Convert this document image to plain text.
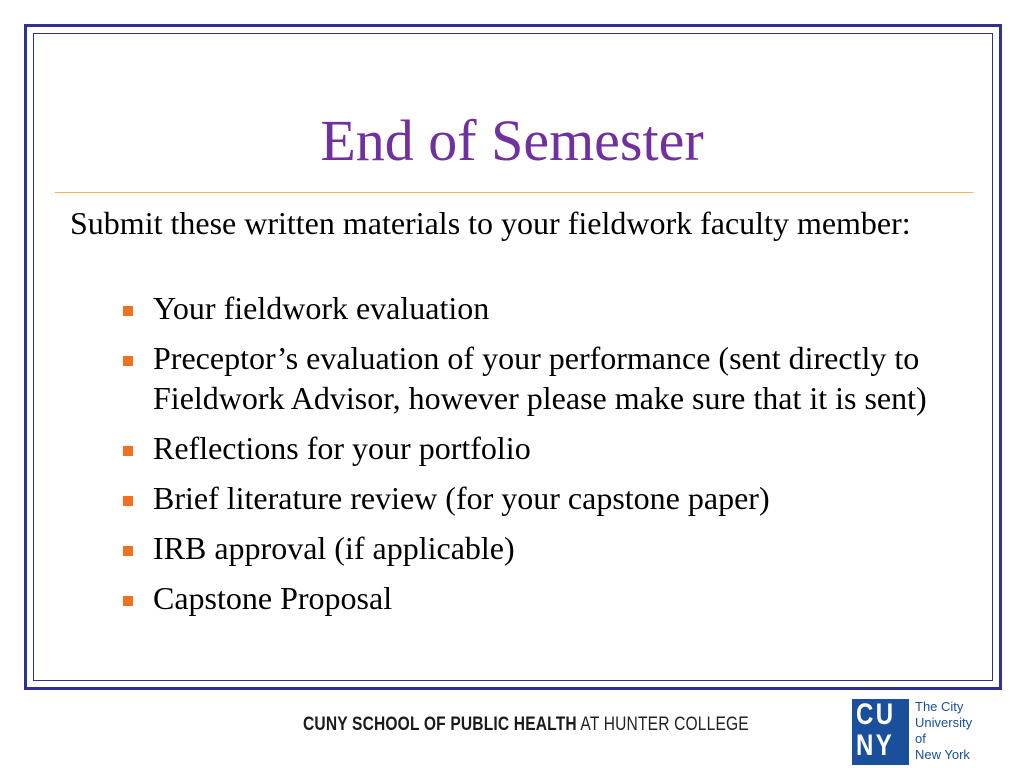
End of Semester
Submit these written materials to your fieldwork faculty member:
Your fieldwork evaluation
Preceptor’s evaluation of your performance (sent directly to Fieldwork Advisor, however please make sure that it is sent)
Reflections for your portfolio
Brief literature review (for your capstone paper)
IRB approval (if applicable)
Capstone Proposal
CUNY SCHOOL OF PUBLIC HEALTH AT HUNTER COLLEGE	CU
NY
The City
University
of
New York
